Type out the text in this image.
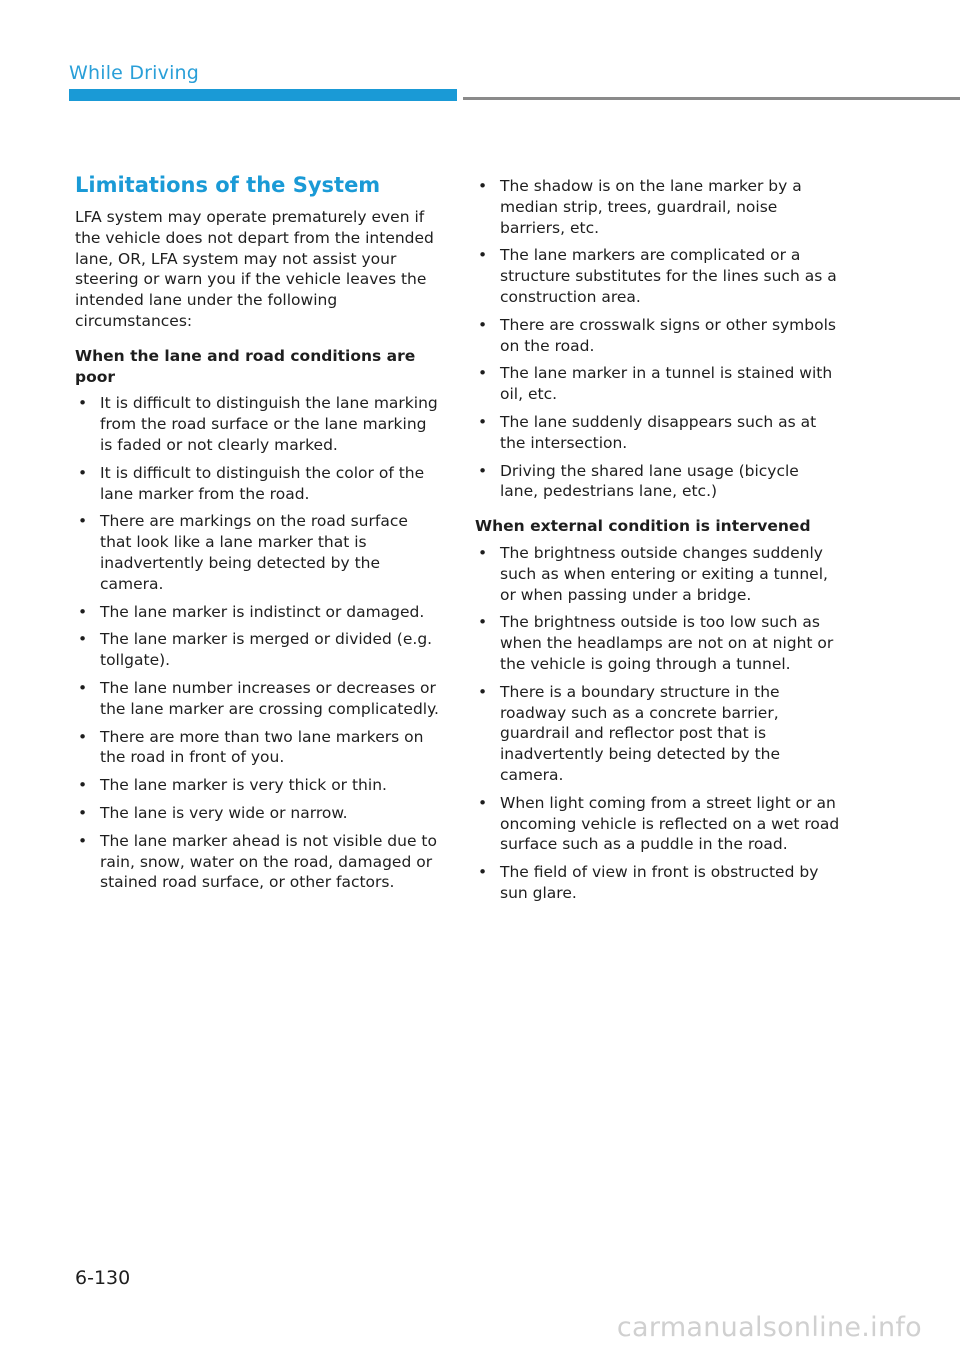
While Driving
Limitations of the System

LFA system may operate prematurely even if the vehicle does not depart from the intended lane, OR, LFA system may not assist your steering or warn you if the vehicle leaves the intended lane under the following circumstances:

When the lane and road conditions are poor

• It is difficult to distinguish the lane marking from the road surface or the lane marking is faded or not clearly marked.
• It is difficult to distinguish the color of the lane marker from the road.
• There are markings on the road surface that look like a lane marker that is inadvertently being detected by the camera.
• The lane marker is indistinct or damaged.
• The lane marker is merged or divided (e.g. tollgate).
• The lane number increases or decreases or the lane marker are crossing complicatedly.
• There are more than two lane markers on the road in front of you.
• The lane marker is very thick or thin.
• The lane is very wide or narrow.
• The lane marker ahead is not visible due to rain, snow, water on the road, damaged or stained road surface, or other factors.
• The shadow is on the lane marker by a median strip, trees, guardrail, noise barriers, etc.
• The lane markers are complicated or a structure substitutes for the lines such as a construction area.
• There are crosswalk signs or other symbols on the road.
• The lane marker in a tunnel is stained with oil, etc.
• The lane suddenly disappears such as at the intersection.
• Driving the shared lane usage (bicycle lane, pedestrians lane, etc.)

When external condition is intervened

• The brightness outside changes suddenly such as when entering or exiting a tunnel, or when passing under a bridge.
• The brightness outside is too low such as when the headlamps are not on at night or the vehicle is going through a tunnel.
• There is a boundary structure in the roadway such as a concrete barrier, guardrail and reflector post that is inadvertently being detected by the camera.
• When light coming from a street light or an oncoming vehicle is reflected on a wet road surface such as a puddle in the road.
• The field of view in front is obstructed by sun glare.
6-130
carmanualsonline.info
